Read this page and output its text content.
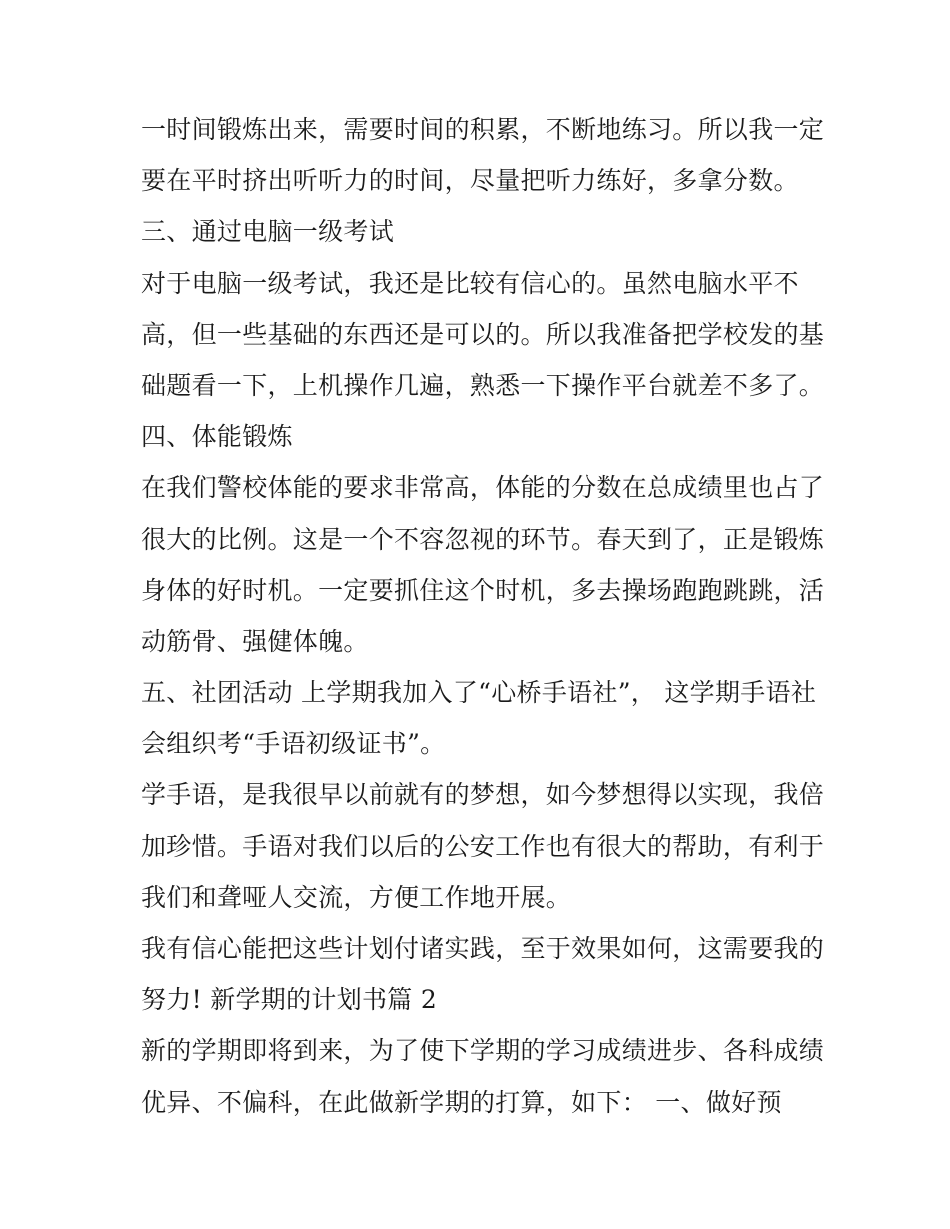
一时间锻炼出来，需要时间的积累，不断地练习。所以我一定
要在平时挤出听听力的时间，尽量把听力练好，多拿分数。
三、通过电脑一级考试
对于电脑一级考试，我还是比较有信心的。虽然电脑水平不
高，但一些基础的东西还是可以的。所以我准备把学校发的基
础题看一下，上机操作几遍，熟悉一下操作平台就差不多了。
四、体能锻炼
在我们警校体能的要求非常高，体能的分数在总成绩里也占了
很大的比例。这是一个不容忽视的环节。春天到了，正是锻炼
身体的好时机。一定要抓住这个时机，多去操场跑跑跳跳，活
动筋骨、强健体魄。
五、社团活动 上学期我加入了“心桥手语社”， 这学期手语社
会组织考“手语初级证书”。
学手语，是我很早以前就有的梦想，如今梦想得以实现，我倍
加珍惜。手语对我们以后的公安工作也有很大的帮助，有利于
我们和聋哑人交流，方便工作地开展。
我有信心能把这些计划付诸实践，至于效果如何，这需要我的
努力! 新学期的计划书篇 2
新的学期即将到来，为了使下学期的学习成绩进步、各科成绩
优异、不偏科，在此做新学期的打算，如下： 一、做好预
